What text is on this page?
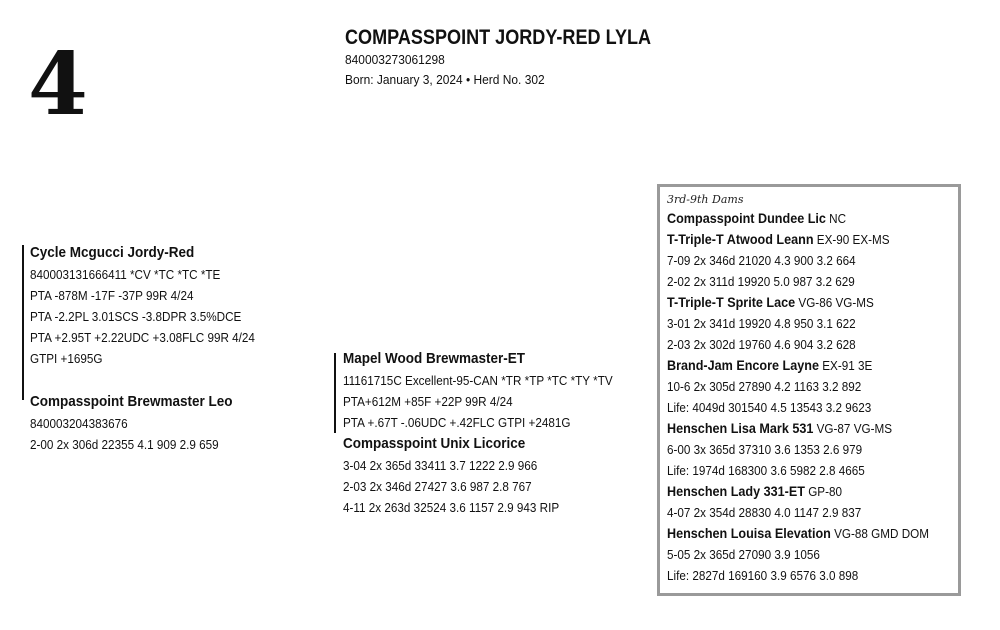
4	COMPASSPOINT JORDY-RED LYLA
840003273061298
Born: January 3, 2024 • Herd No. 302
Cycle Mcgucci Jordy-Red
840003131666411 *CV *TC *TC *TE
PTA -878M -17F -37P 99R 4/24
PTA -2.2PL 3.01SCS -3.8DPR 3.5%DCE
PTA +2.95T +2.22UDC +3.08FLC 99R 4/24
GTPI +1695G
Compasspoint Brewmaster Leo
840003204383676
2-00 2x 306d 22355 4.1 909 2.9 659
Mapel Wood Brewmaster-ET
11161715C Excellent-95-CAN *TR *TP *TC *TY *TV
PTA+612M +85F +22P 99R 4/24
PTA +.67T -.06UDC +.42FLC GTPI +2481G
Compasspoint Unix Licorice
3-04 2x 365d 33411 3.7 1222 2.9 966
2-03 2x 346d 27427 3.6 987 2.8 767
4-11 2x 263d 32524 3.6 1157 2.9 943 RIP
3rd-9th Dams
Compasspoint Dundee Lic NC
T-Triple-T Atwood Leann EX-90 EX-MS
7-09 2x 346d 21020 4.3 900 3.2 664
2-02 2x 311d 19920 5.0 987 3.2 629
T-Triple-T Sprite Lace VG-86 VG-MS
3-01 2x 341d 19920 4.8 950 3.1 622
2-03 2x 302d 19760 4.6 904 3.2 628
Brand-Jam Encore Layne EX-91 3E
10-6 2x 305d 27890 4.2 1163 3.2 892
Life: 4049d 301540 4.5 13543 3.2 9623
Henschen Lisa Mark 531 VG-87 VG-MS
6-00 3x 365d 37310 3.6 1353 2.6 979
Life: 1974d 168300 3.6 5982 2.8 4665
Henschen Lady 331-ET GP-80
4-07 2x 354d 28830 4.0 1147 2.9 837
Henschen Louisa Elevation VG-88 GMD DOM
5-05 2x 365d 27090 3.9 1056
Life: 2827d 169160 3.9 6576 3.0 898
